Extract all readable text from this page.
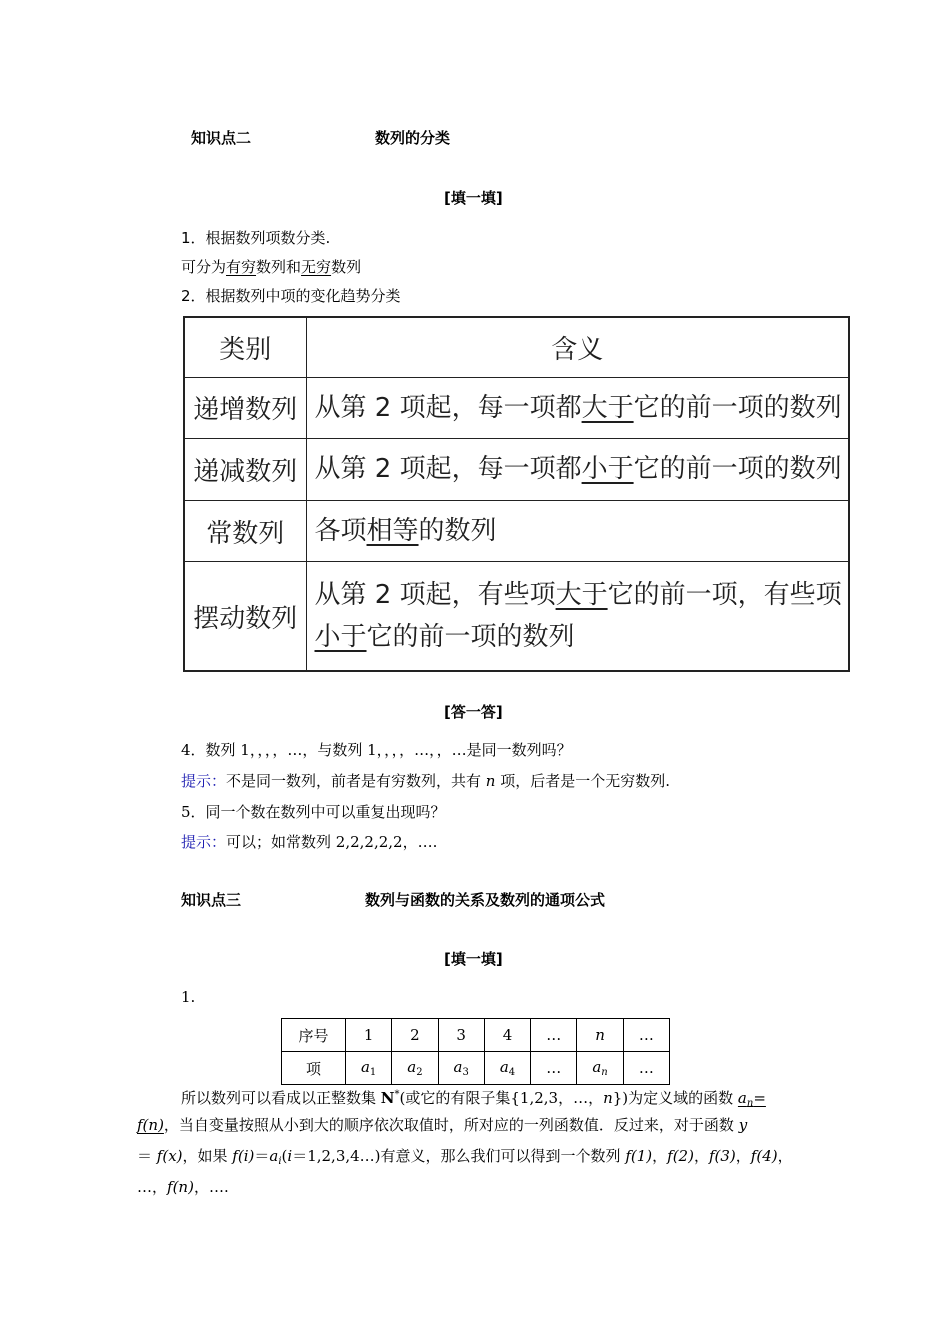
知识点二	数列的分类
[填一填]
1．根据数列项数分类.
可分为有穷数列和无穷数列
2．根据数列中项的变化趋势分类
类别	含义
递增数列	从第 2 项起，每一项都大于它的前一项的数列
递减数列	从第 2 项起，每一项都小于它的前一项的数列
常数列	各项相等的数列
摆动数列	从第 2 项起，有些项大于它的前一项，有些项
小于它的前一项的数列
[答一答]
4．数列 1，，，，…，与数列 1，，，，…，，…是同一数列吗？
提示：不是同一数列，前者是有穷数列，共有 n 项，后者是一个无穷数列.
5．同一个数在数列中可以重复出现吗？
提示：可以；如常数列 2,2,2,2,2，….
知识点三	数列与函数的关系及数列的通项公式
[填一填]
1.
序号	1	2	3	4	…	n	…
项	$a_1$	$a_2$	$a_3$	$a_4$	…	$a_n$	…
所以数列可以看成以正整数集 N*(或它的有限子集{1,2,3，…，n})为定义域的函数 $a_n=$
f(n)，当自变量按照从小到大的顺序依次取值时，所对应的一列函数值．反过来，对于函数 y
＝ f(x)，如果 $f(i)=a_i(i=1,2,3,4\dots)$有意义，那么我们可以得到一个数列 f(1)，f(2)，f(3)，f(4)，
…，f(n)，….
